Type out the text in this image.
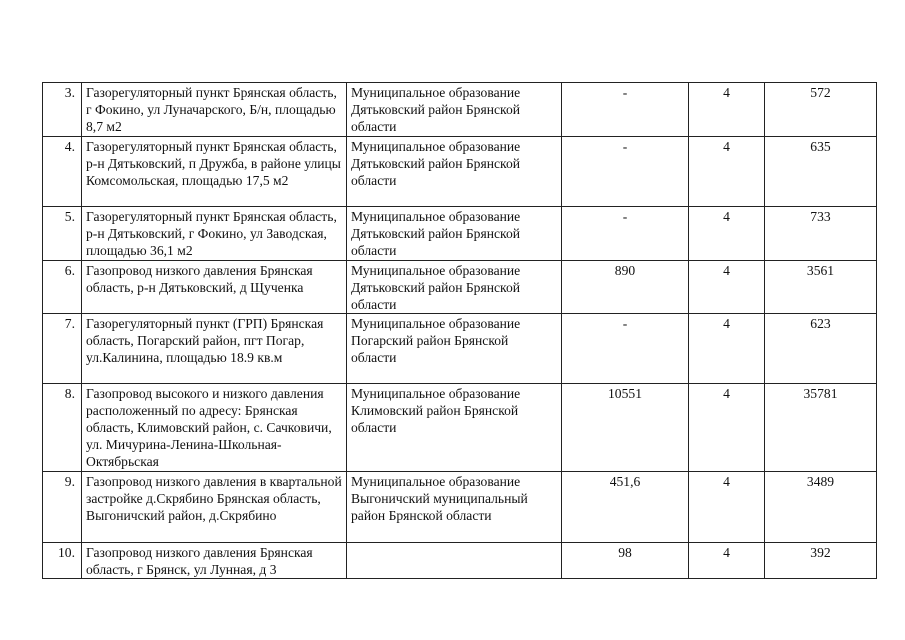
3.	Газорегуляторный пункт Брянская область, г Фокино, ул Луначарского, Б/н, площадью 8,7 м2	Муниципальное образование Дятьковский район Брянской области	-	4	572
4.	Газорегуляторный пункт Брянская область, р-н Дятьковский, п Дружба, в районе улицы Комсомольская, площадью 17,5 м2	Муниципальное образование Дятьковский район Брянской области	-	4	635
5.	Газорегуляторный пункт Брянская область, р-н Дятьковский, г Фокино, ул Заводская, площадью 36,1 м2	Муниципальное образование Дятьковский район Брянской области	-	4	733
6.	Газопровод низкого давления Брянская область, р-н Дятьковский, д Щученка	Муниципальное образование Дятьковский район Брянской области	890	4	3561
7.	Газорегуляторный пункт (ГРП) Брянская область, Погарский район, пгт Погар, ул.Калинина, площадью 18.9 кв.м	Муниципальное образование Погарский район Брянской области	-	4	623
8.	Газопровод высокого и низкого давления расположенный по адресу: Брянская область, Климовский район, с. Сачковичи, ул. Мичурина-Ленина-Школьная-Октябрьская	Муниципальное образование Климовский район Брянской области	10551	4	35781
9.	Газопровод низкого давления в квартальной застройке д.Скрябино Брянская область, Выгоничский район, д.Скрябино	Муниципальное образование Выгоничский муниципальный район Брянской области	451,6	4	3489
10.	Газопровод низкого давления Брянская область, г Брянск, ул Лунная, д 3		98	4	392
